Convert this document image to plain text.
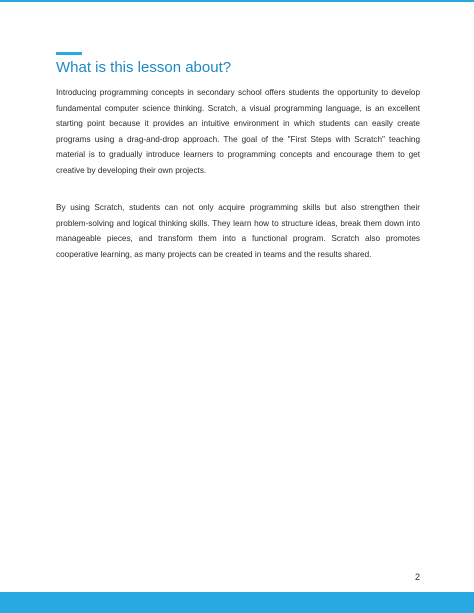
What is this lesson about?

Introducing programming concepts in secondary school offers students the opportunity to develop fundamental computer science thinking. Scratch, a visual programming language, is an excellent starting point because it provides an intuitive environment in which students can easily create programs using a drag-and-drop approach. The goal of the "First Steps with Scratch" teaching material is to gradually introduce learners to programming concepts and encourage them to get creative by developing their own projects.

By using Scratch, students can not only acquire programming skills but also strengthen their problem-solving and logical thinking skills. They learn how to structure ideas, break them down into manageable pieces, and transform them into a functional program. Scratch also promotes cooperative learning, as many projects can be created in teams and the results shared.

2
